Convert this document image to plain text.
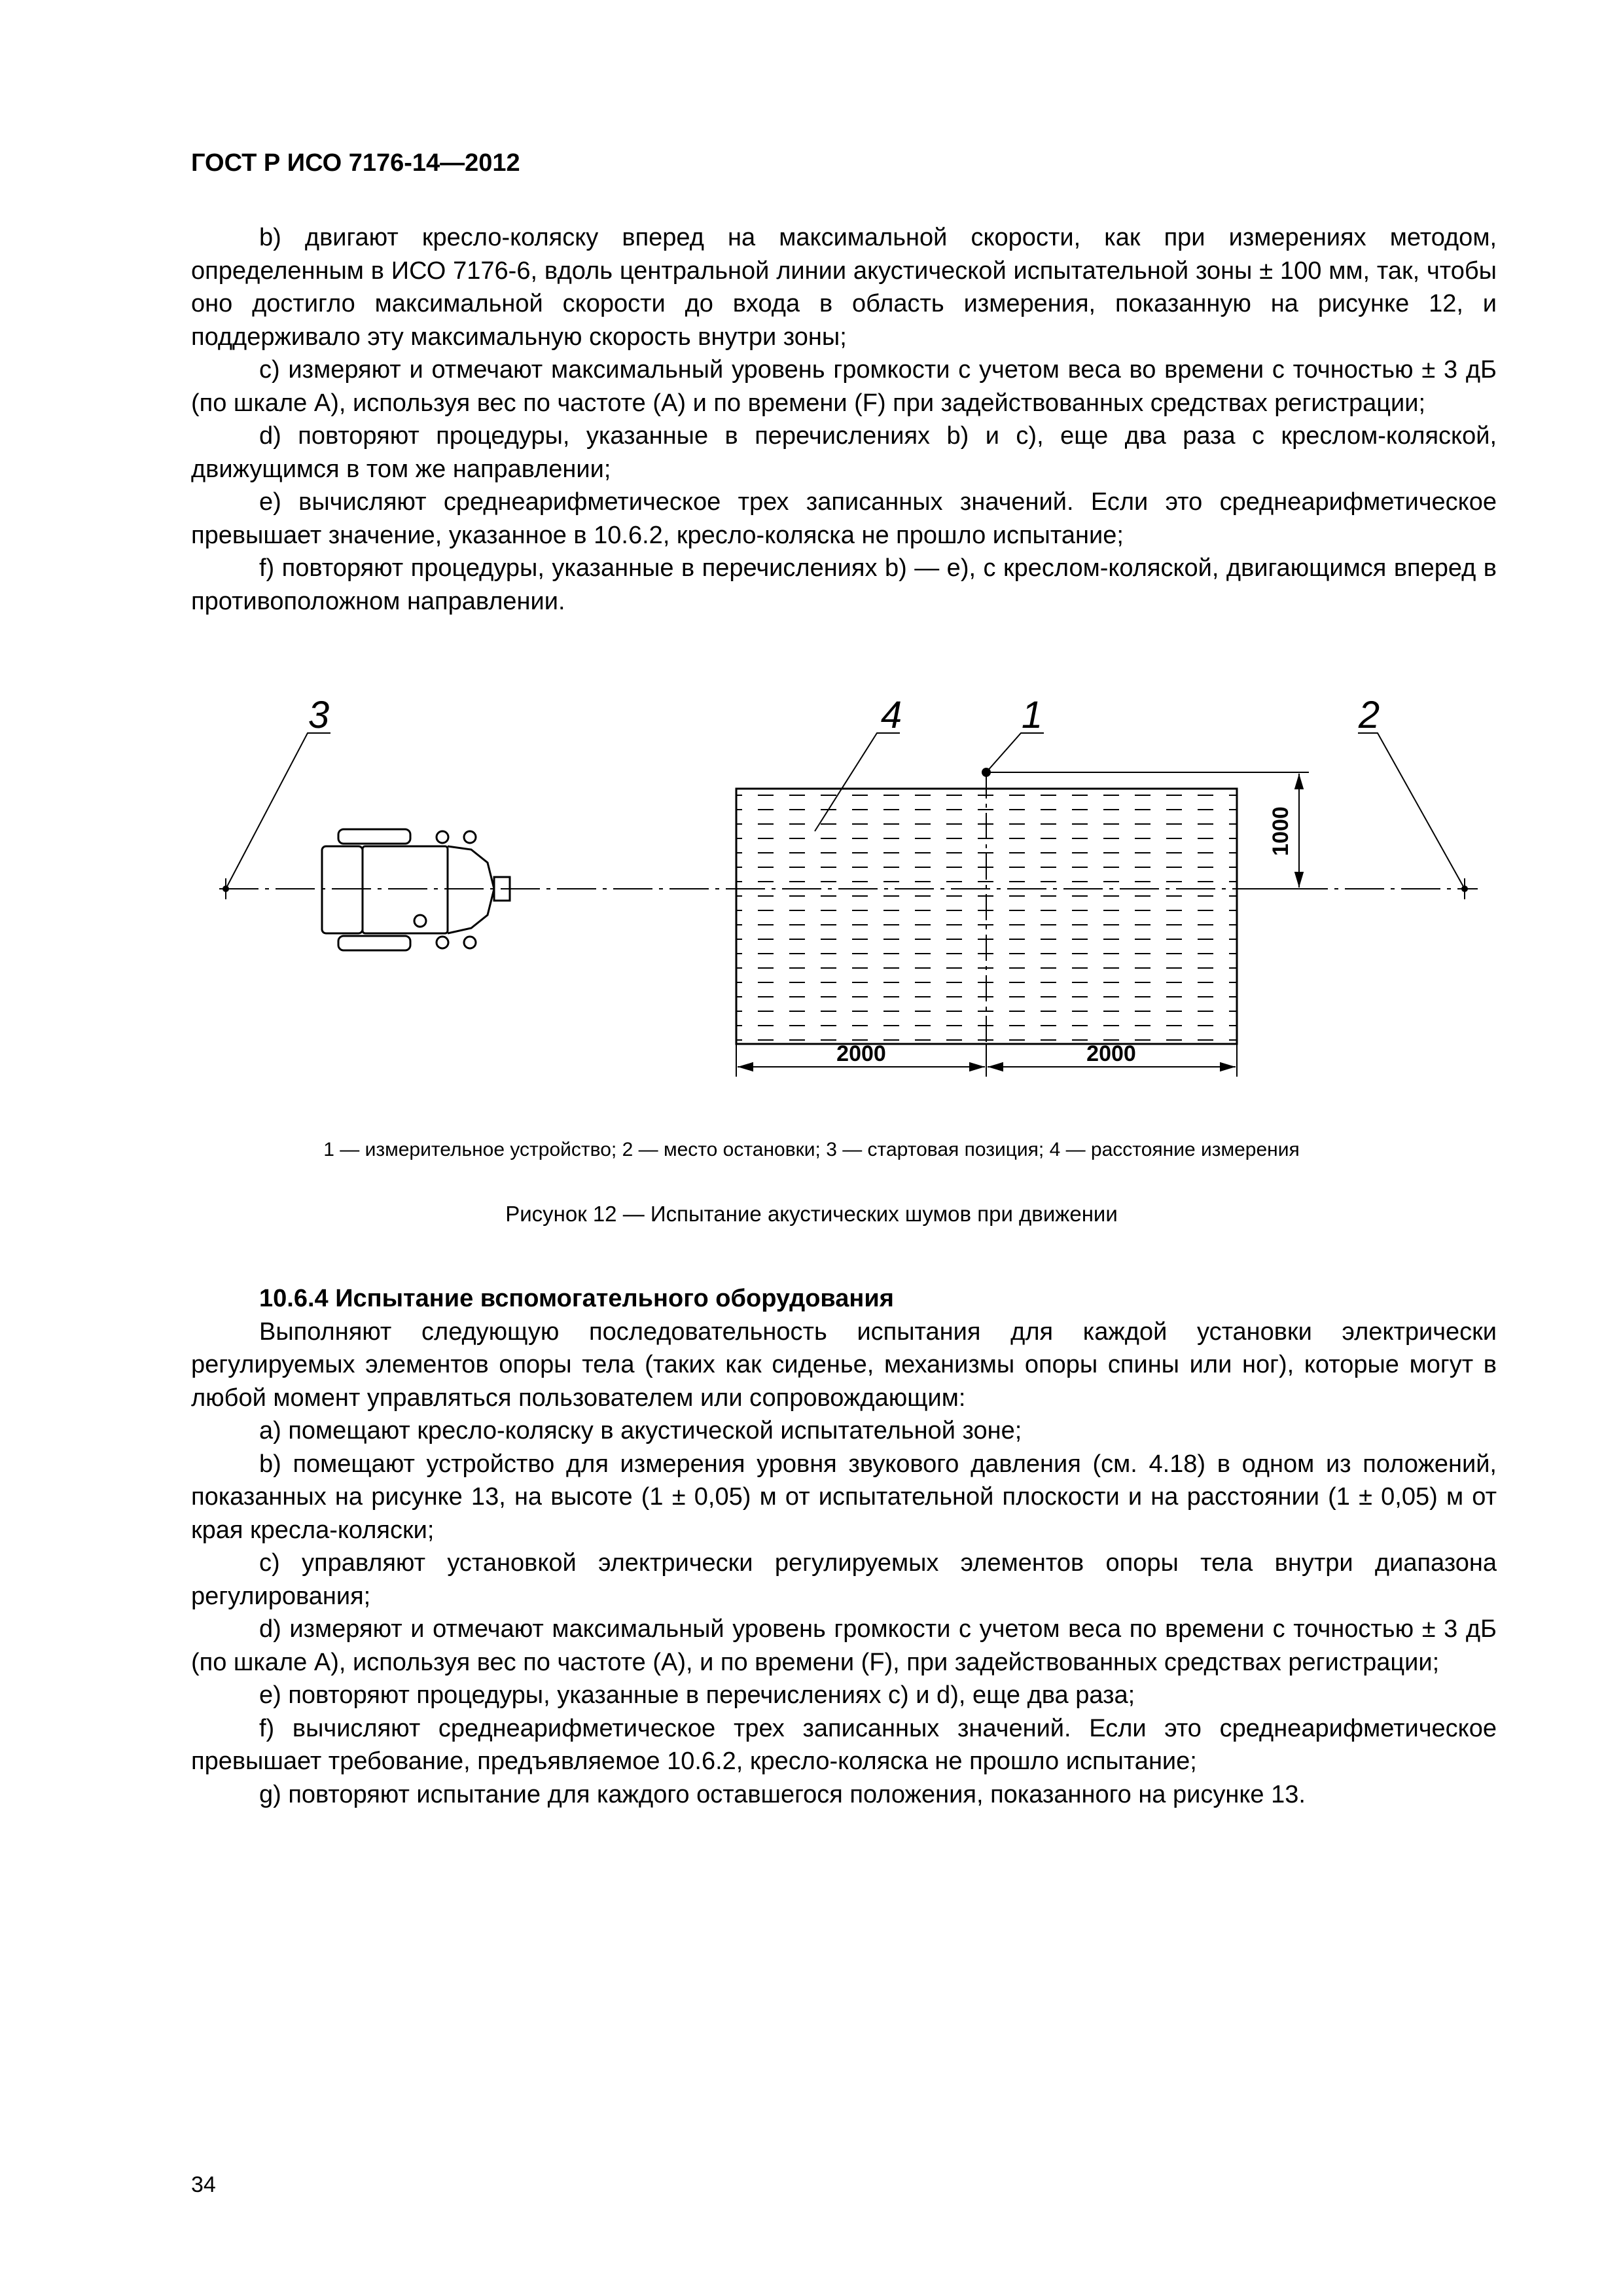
ГОСТ Р ИСО 7176-14—2012

b) двигают кресло-коляску вперед на максимальной скорости, как при измерениях методом, определенным в ИСО 7176-6, вдоль центральной линии акустической испытательной зоны ± 100 мм, так, чтобы оно достигло максимальной скорости до входа в область измерения, показанную на рисунке 12, и поддерживало эту максимальную скорость внутри зоны;

c) измеряют и отмечают максимальный уровень громкости с учетом веса во времени с точностью ± 3 дБ (по шкале А), используя вес по частоте (А) и по времени (F) при задействованных средствах регистрации;

d) повторяют процедуры, указанные в перечислениях b) и c), еще два раза с креслом-коляской, движущимся в том же направлении;

e) вычисляют среднеарифметическое трех записанных значений. Если это среднеарифметическое превышает значение, указанное в 10.6.2, кресло-коляска не прошло испытание;

f) повторяют процедуры, указанные в перечислениях b) — e), с креслом-коляской, двигающимся вперед в противоположном направлении.

2000	2000
1000
3	4	1	2
1 — измерительное устройство; 2 — место остановки; 3 — стартовая позиция; 4 — расстояние измерения
Рисунок 12 — Испытание акустических шумов при движении

10.6.4 Испытание вспомогательного оборудования

Выполняют следующую последовательность испытания для каждой установки электрически регулируемых элементов опоры тела (таких как сиденье, механизмы опоры спины или ног), которые могут в любой момент управляться пользователем или сопровождающим:

a) помещают кресло-коляску в акустической испытательной зоне;

b) помещают устройство для измерения уровня звукового давления (см. 4.18) в одном из положений, показанных на рисунке 13, на высоте (1 ± 0,05) м от испытательной плоскости и на расстоянии (1 ± 0,05) м от края кресла-коляски;

c) управляют установкой электрически регулируемых элементов опоры тела внутри диапазона регулирования;

d) измеряют и отмечают максимальный уровень громкости с учетом веса по времени с точностью ± 3 дБ (по шкале А), используя вес по частоте (А), и по времени (F), при задействованных средствах регистрации;

e) повторяют процедуры, указанные в перечислениях c) и d), еще два раза;

f) вычисляют среднеарифметическое трех записанных значений. Если это среднеарифметическое превышает требование, предъявляемое 10.6.2, кресло-коляска не прошло испытание;

g) повторяют испытание для каждого оставшегося положения, показанного на рисунке 13.

34
